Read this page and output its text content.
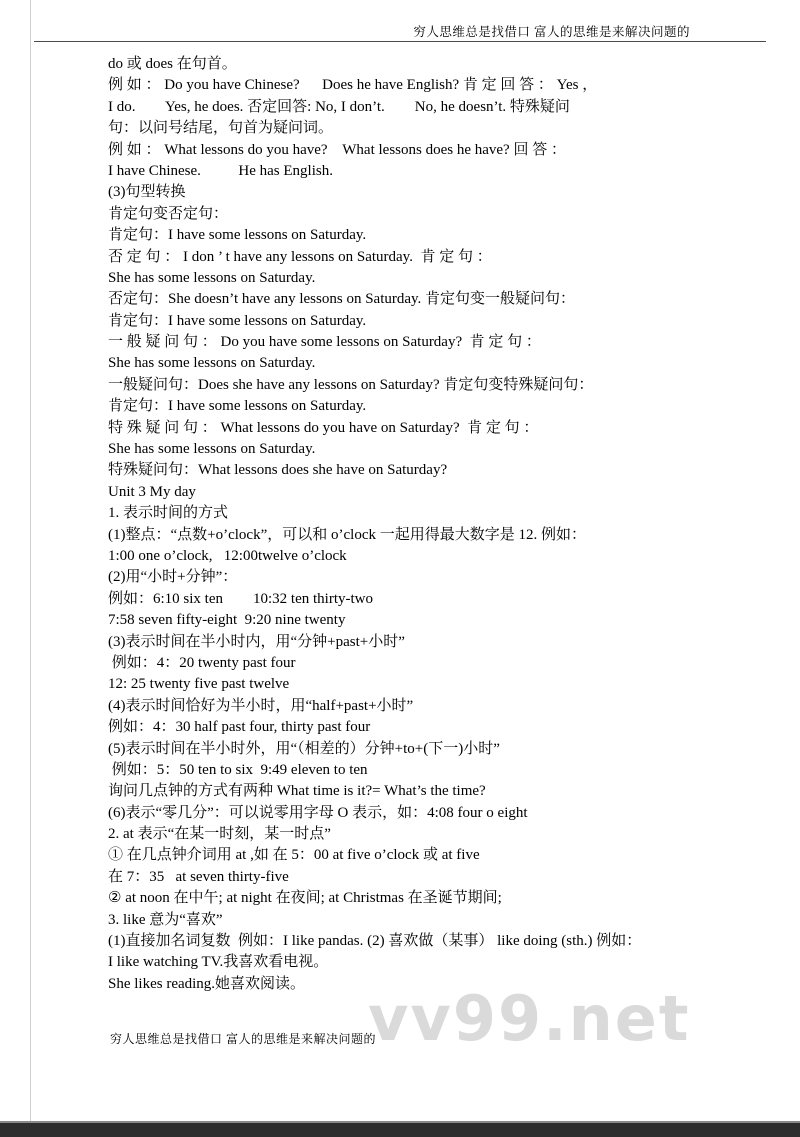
穷人思维总是找借口 富人的思维是来解决问题的
vv99.net
do 或 does 在句首。
例 如 ： Do you have Chinese?      Does he have English? 肯 定 回 答 ： Yes ，
I do.        Yes, he does. 否定回答: No, I don’t.        No, he doesn’t. 特殊疑问
句：以问号结尾，句首为疑问词。
例 如 ： What lessons do you have?    What lessons does he have? 回 答 ：
I have Chinese.          He has English.
(3)句型转换
肯定句变否定句：
肯定句：I have some lessons on Saturday.
否 定 句 ： I don ’ t have any lessons on Saturday.  肯 定 句 ：
She has some lessons on Saturday.
否定句：She doesn’t have any lessons on Saturday. 肯定句变一般疑问句：
肯定句：I have some lessons on Saturday.
一 般 疑 问 句 ： Do you have some lessons on Saturday?  肯 定 句 ：
She has some lessons on Saturday.
一般疑问句：Does she have any lessons on Saturday? 肯定句变特殊疑问句：
肯定句：I have some lessons on Saturday.
特 殊 疑 问 句 ： What lessons do you have on Saturday?  肯 定 句 ：
She has some lessons on Saturday.
特殊疑问句：What lessons does she have on Saturday?
Unit 3 My day
1. 表示时间的方式
(1)整点：“点数+o’clock”，可以和 o’clock 一起用得最大数字是 12. 例如：
1:00 one o’clock,   12:00twelve o’clock
(2)用“小时+分钟”：
例如：6:10 six ten        10:32 ten thirty-two
7:58 seven fifty-eight  9:20 nine twenty
(3)表示时间在半小时内，用“分钟+past+小时”
例如：4：20 twenty past four
12: 25 twenty five past twelve
(4)表示时间恰好为半小时，用“half+past+小时”
例如：4：30 half past four, thirty past four
(5)表示时间在半小时外，用“（相差的）分钟+to+(下一)小时”
例如：5：50 ten to six  9:49 eleven to ten
询问几点钟的方式有两种 What time is it?= What’s the time?
(6)表示“零几分”：可以说零用字母 O 表示，如：4:08 four o eight
2. at 表示“在某一时刻，某一时点”
① 在几点钟介词用 at ,如 在 5：00 at five o’clock 或 at five
在 7：35   at seven thirty-five
② at noon 在中午; at night 在夜间; at Christmas 在圣诞节期间;
3. like 意为“喜欢”
(1)直接加名词复数  例如：I like pandas. (2) 喜欢做（某事） like doing (sth.) 例如：
I like watching TV.我喜欢看电视。
She likes reading.她喜欢阅读。
穷人思维总是找借口 富人的思维是来解决问题的
